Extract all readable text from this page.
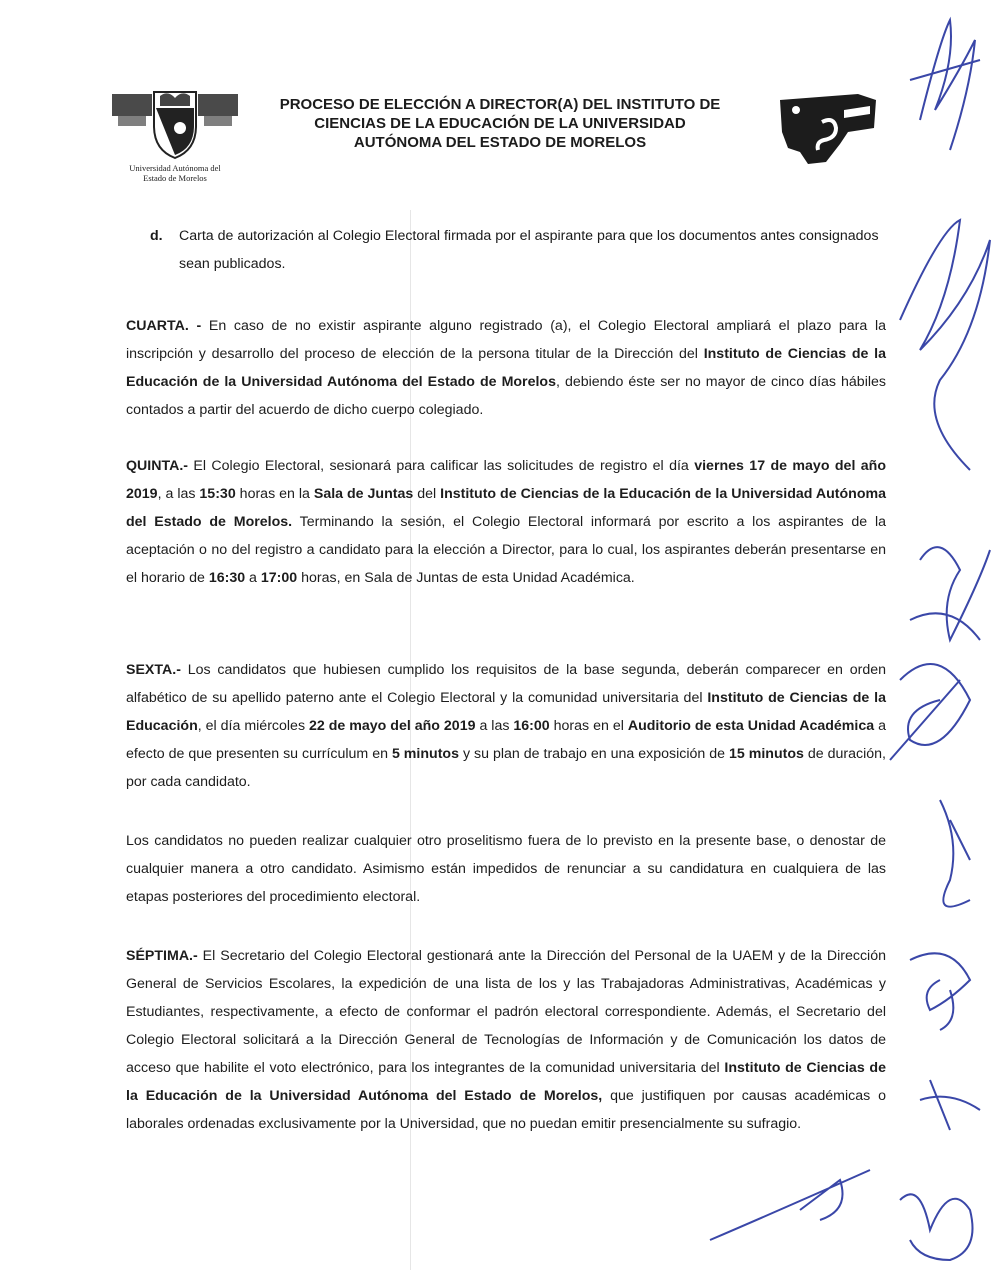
Universidad Autónoma del
Estado de Morelos
PROCESO DE ELECCIÓN A DIRECTOR(A) DEL INSTITUTO DE
CIENCIAS DE LA EDUCACIÓN DE LA UNIVERSIDAD
AUTÓNOMA DEL ESTADO DE MORELOS
d. Carta de autorización al Colegio Electoral firmada por el aspirante para que los documentos antes consignados sean publicados.

CUARTA. - En caso de no existir aspirante alguno registrado (a), el Colegio Electoral ampliará el plazo para la inscripción y desarrollo del proceso de elección de la persona titular de la Dirección del Instituto de Ciencias de la Educación de la Universidad Autónoma del Estado de Morelos, debiendo éste ser no mayor de cinco días hábiles contados a partir del acuerdo de dicho cuerpo colegiado.

QUINTA.- El Colegio Electoral, sesionará para calificar las solicitudes de registro el día viernes 17 de mayo del año 2019, a las 15:30 horas en la Sala de Juntas del Instituto de Ciencias de la Educación de la Universidad Autónoma del Estado de Morelos. Terminando la sesión, el Colegio Electoral informará por escrito a los aspirantes de la aceptación o no del registro a candidato para la elección a Director, para lo cual, los aspirantes deberán presentarse en el horario de 16:30 a 17:00 horas, en Sala de Juntas de esta Unidad Académica.

SEXTA.- Los candidatos que hubiesen cumplido los requisitos de la base segunda, deberán comparecer en orden alfabético de su apellido paterno ante el Colegio Electoral y la comunidad universitaria del Instituto de Ciencias de la Educación, el día miércoles 22 de mayo del año 2019 a las 16:00 horas en el Auditorio de esta Unidad Académica a efecto de que presenten su currículum en 5 minutos y su plan de trabajo en una exposición de 15 minutos de duración, por cada candidato.

Los candidatos no pueden realizar cualquier otro proselitismo fuera de lo previsto en la presente base, o denostar de cualquier manera a otro candidato. Asimismo están impedidos de renunciar a su candidatura en cualquiera de las etapas posteriores del procedimiento electoral.

SÉPTIMA.- El Secretario del Colegio Electoral gestionará ante la Dirección del Personal de la UAEM y de la Dirección General de Servicios Escolares, la expedición de una lista de los y las Trabajadoras Administrativas, Académicas y Estudiantes, respectivamente, a efecto de conformar el padrón electoral correspondiente. Además, el Secretario del Colegio Electoral solicitará a la Dirección General de Tecnologías de Información y de Comunicación los datos de acceso que habilite el voto electrónico, para los integrantes de la comunidad universitaria del Instituto de Ciencias de la Educación de la Universidad Autónoma del Estado de Morelos, que justifiquen por causas académicas o laborales ordenadas exclusivamente por la Universidad, que no puedan emitir presencialmente su sufragio.
